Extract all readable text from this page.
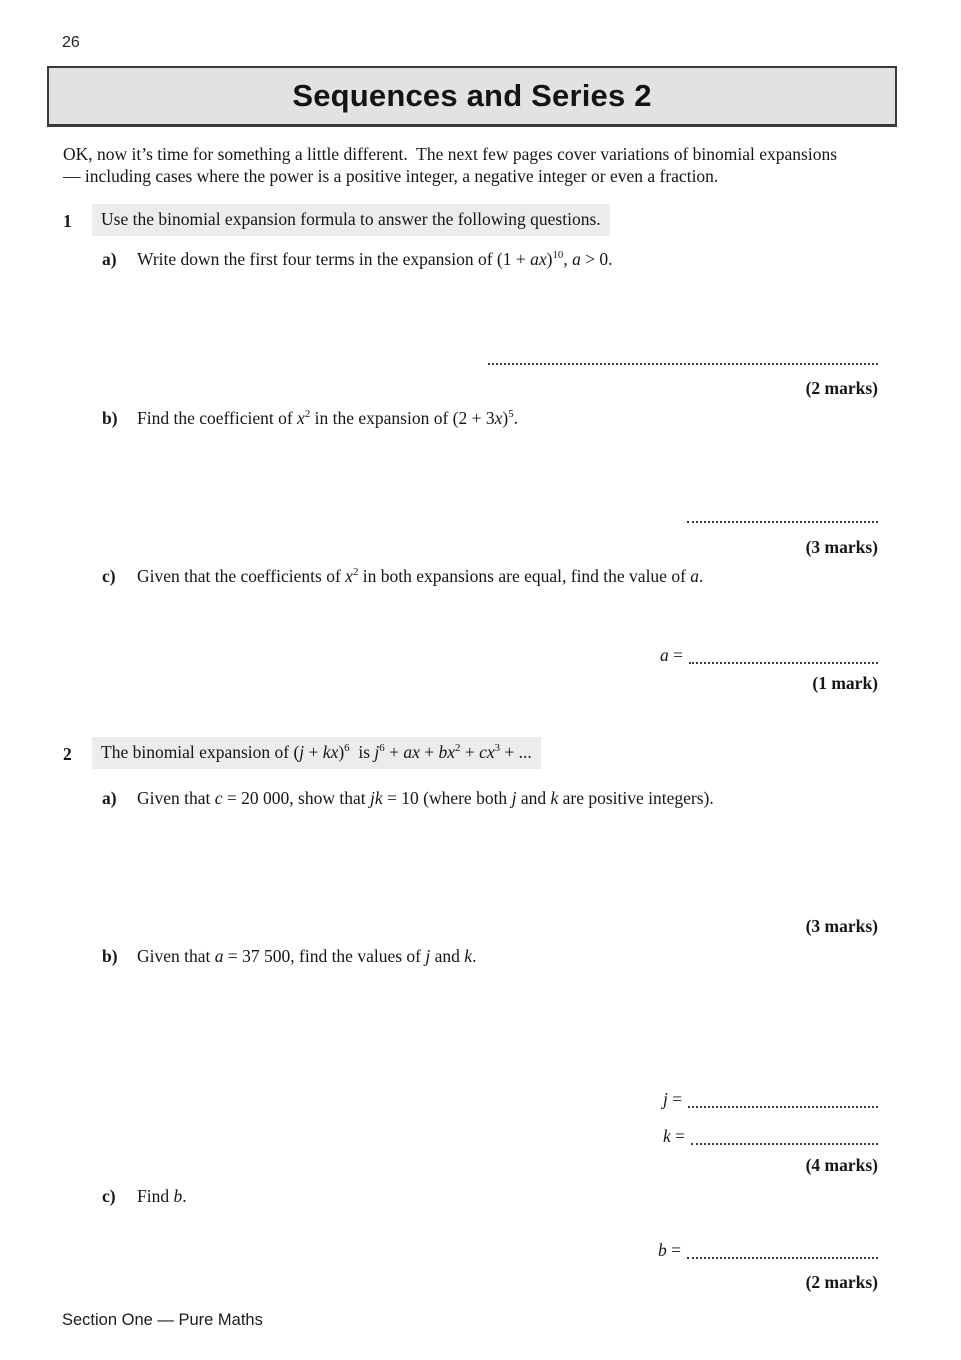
26
Sequences and Series 2
OK, now it’s time for something a little different.  The next few pages cover variations of binomial expansions
— including cases where the power is a positive integer, a negative integer or even a fraction.
1	Use the binomial expansion formula to answer the following questions.
a) Write down the first four terms in the expansion of (1 + ax)$^{10}$, a > 0.
(2 marks)
b) Find the coefficient of $x^2$ in the expansion of $(2 + 3x)^5$.
(3 marks)
c) Given that the coefficients of $x^2$ in both expansions are equal, find the value of a.
a =
(1 mark)
2	The binomial expansion of (j + kx)$^6$  is $j^6$ + ax + $bx^2 + cx^3$ + ...
a) Given that c = 20 000, show that jk = 10 (where both j and k are positive integers).
(3 marks)
b) Given that a = 37 500, find the values of j and k.
j =
k =
(4 marks)
c) Find b.
b =
(2 marks)
Section One — Pure Maths
